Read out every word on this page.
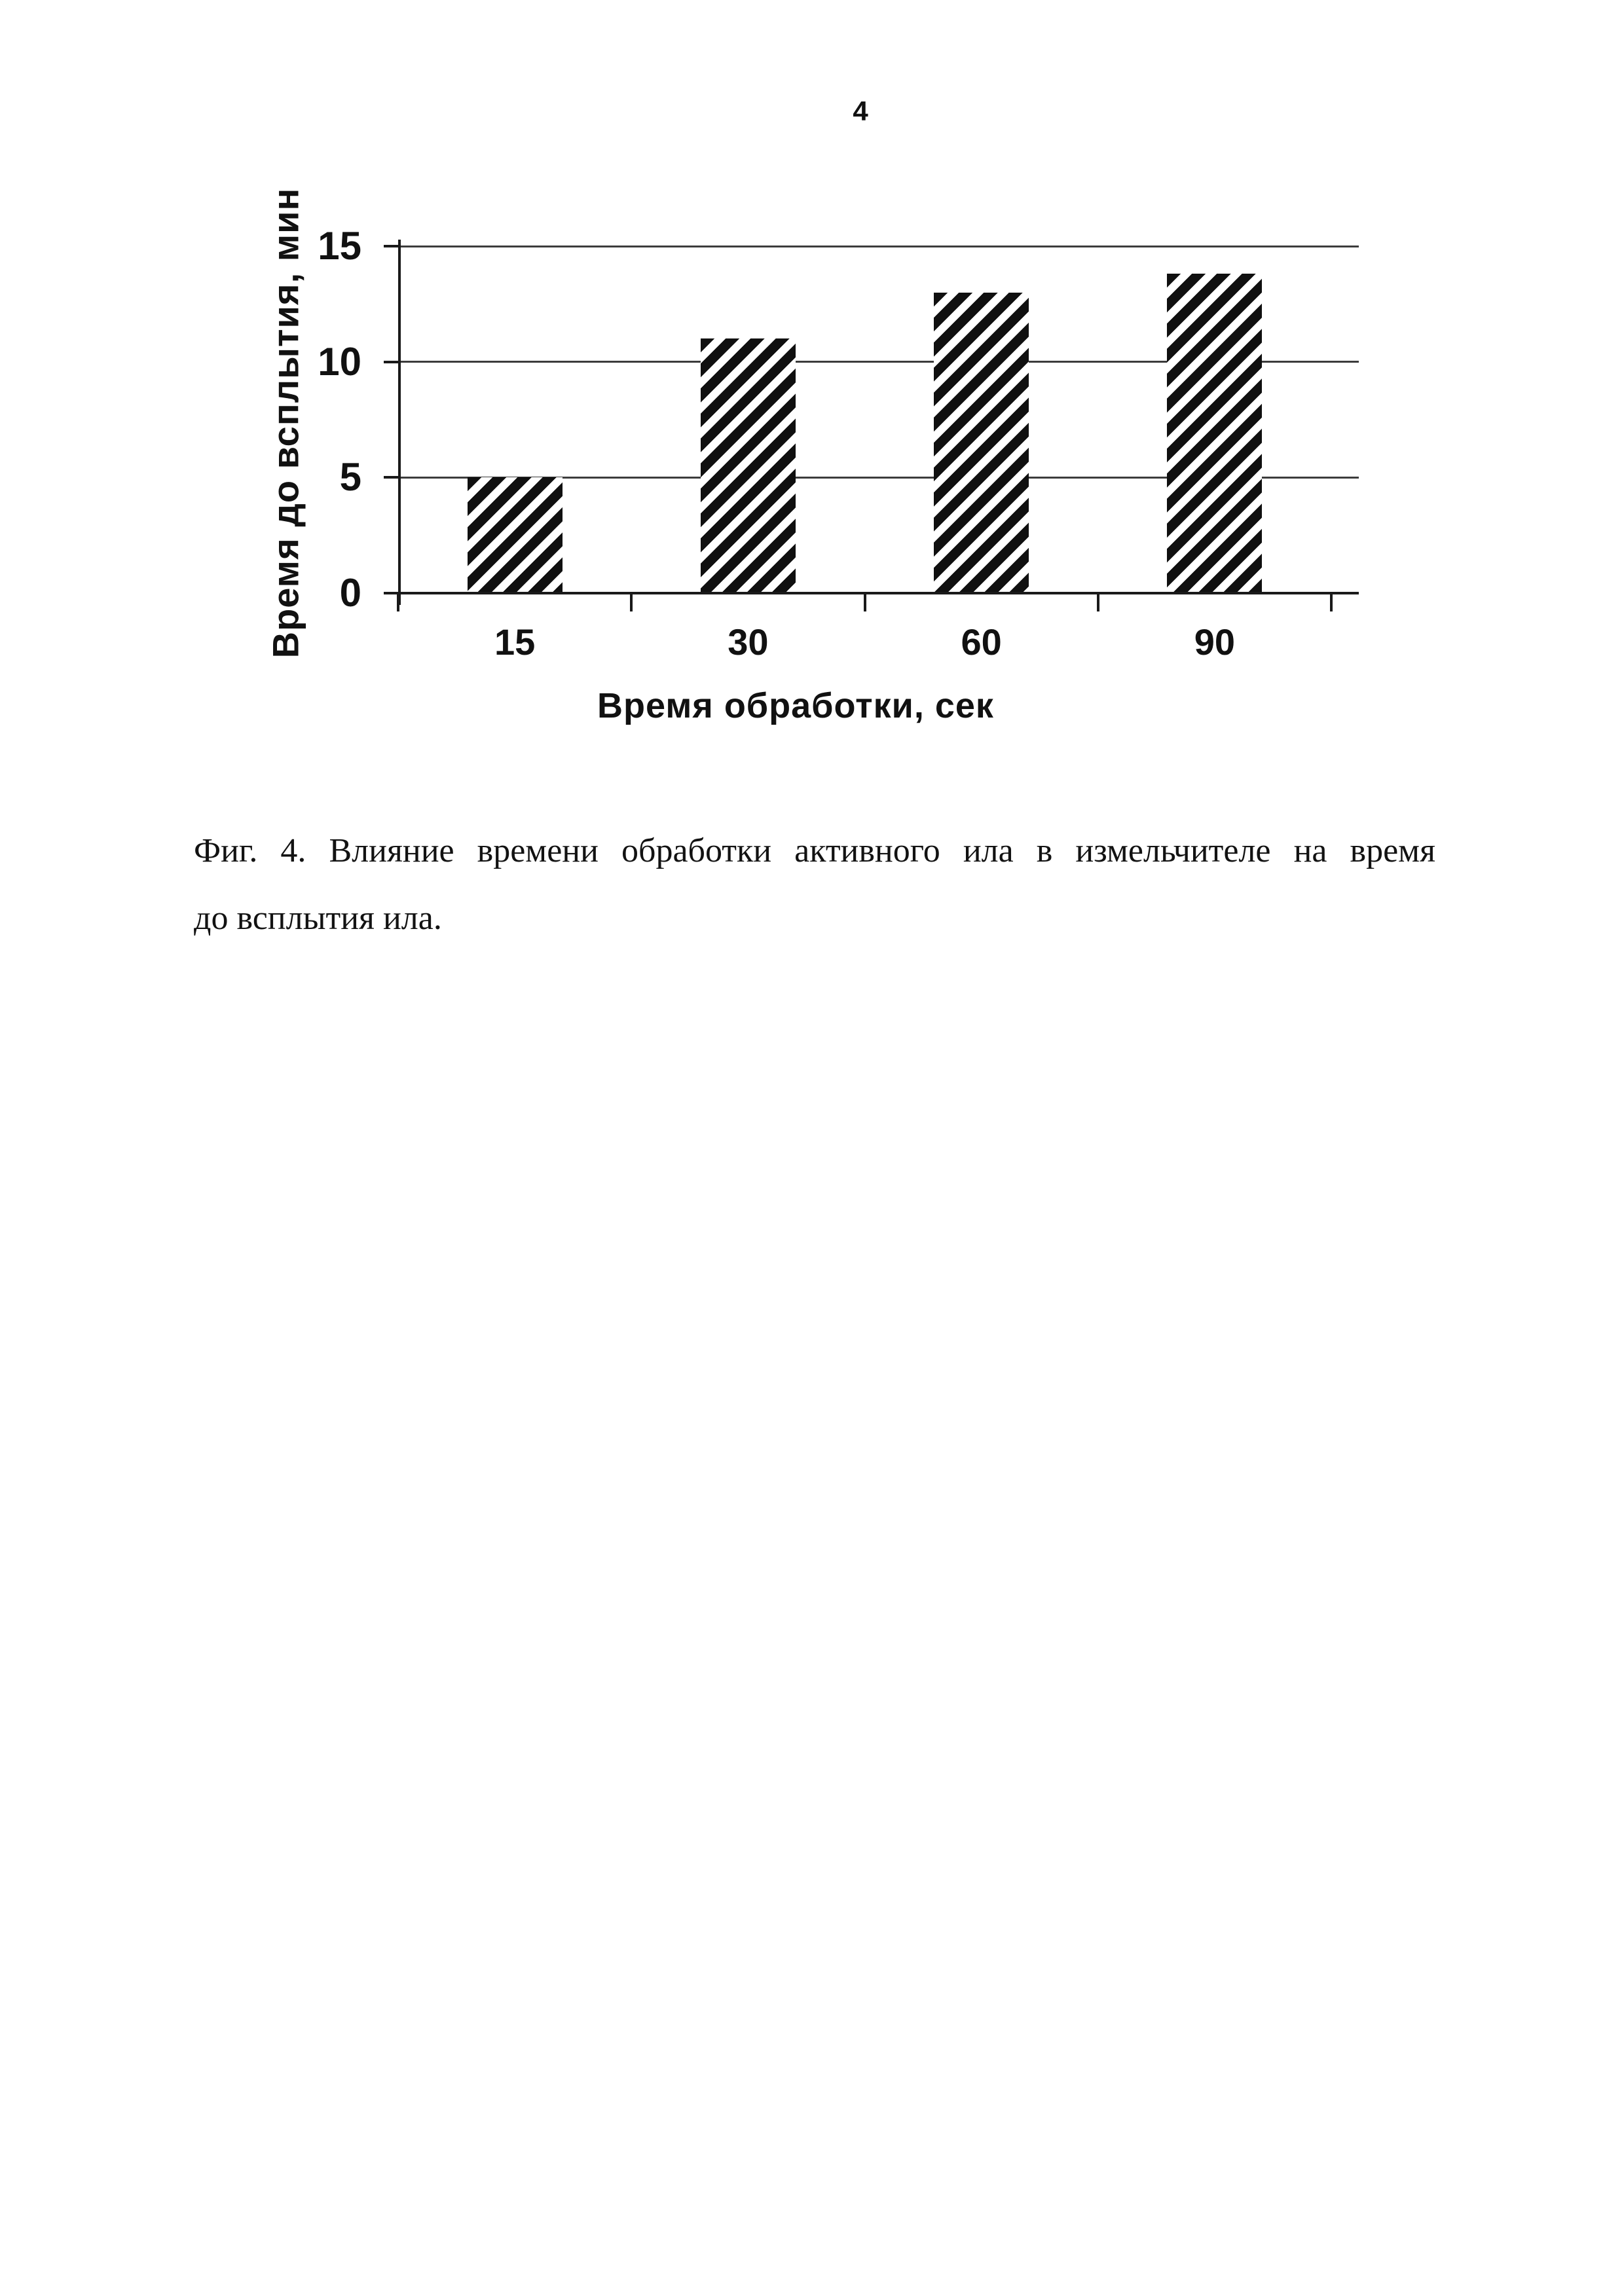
4
Время до всплытия, мин
Время обработки, сек
0
5
10
15
15	30	60	90

Фиг. 4. Влияние времени обработки активного ила в измельчителе на время
до всплытия ила.
